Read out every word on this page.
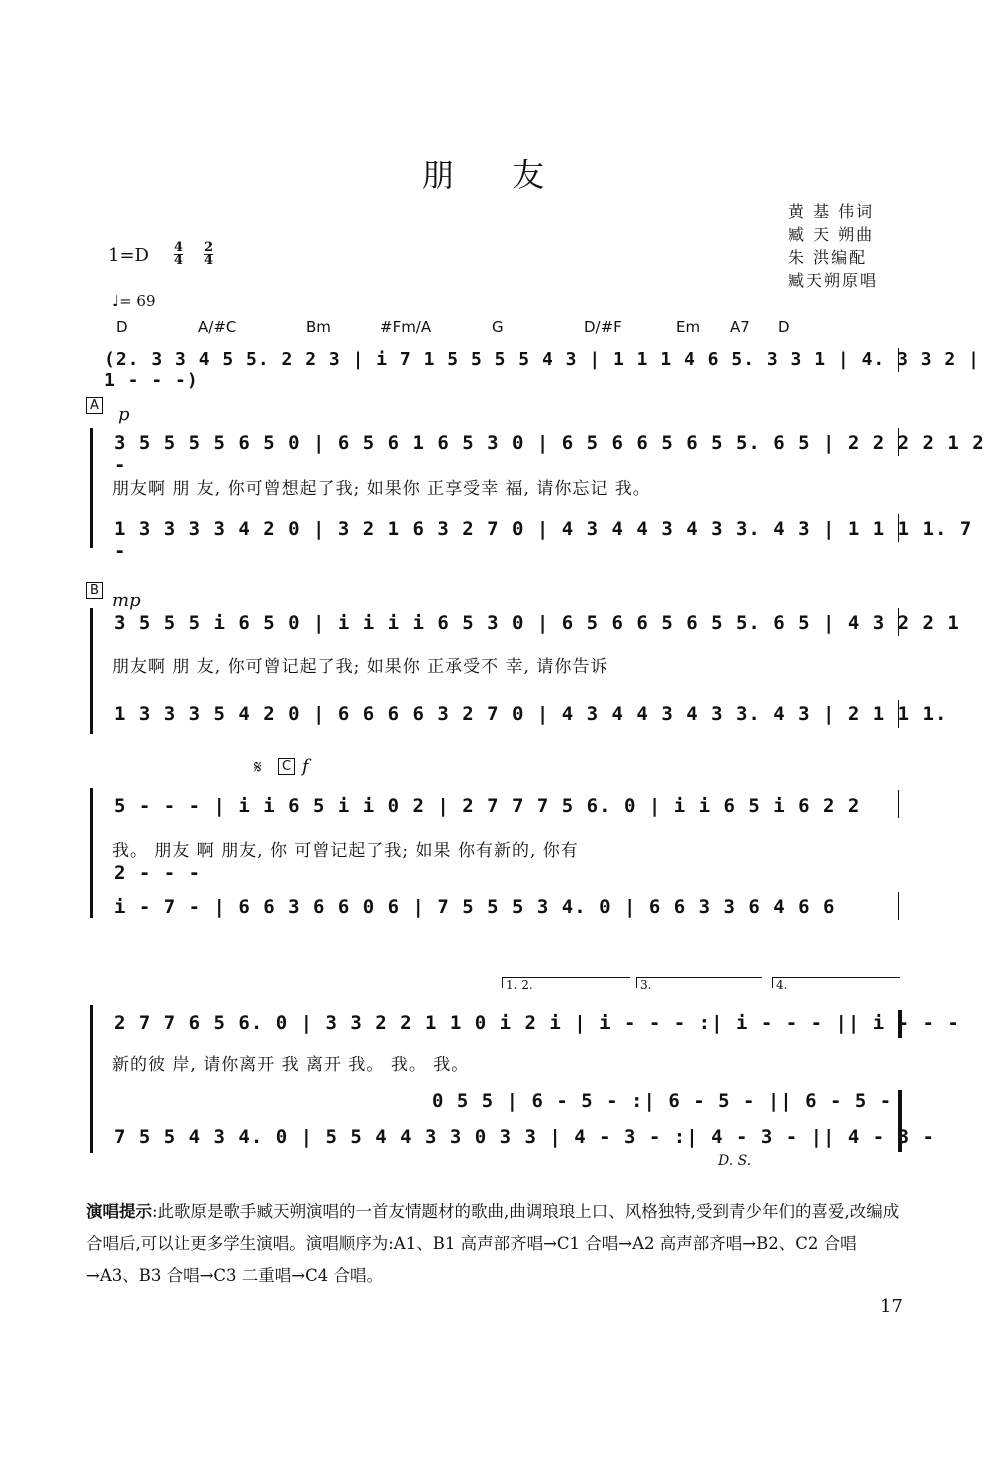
朋 友
黄 基 伟词
臧 天 朔曲
朱 洪编配
臧天朔原唱
1=D 4
4
2
4
♩= 69
D	A/#C	Bm	#Fm/A	G	D/#F	Em A7 D
(2. 3 3 4 5 5. 2 2 3 | i 7 1 5 5 5 5 4 3 | 1 1 1 4 6 5. 3 3 1 | 4. 3 3 2 | 1 - - -)
A p
3 5 5 5 5 6 5 0 | 6 5 6 1 6 5 3 0 | 6 5 6 6 5 6 5 5. 6 5 | 2 2 2 2 1 2 -
朋友啊 朋 友, 你可曾想起了我; 如果你 正享受幸 福, 请你忘记 我。
1 3 3 3 3 4 2 0 | 3 2 1 6 3 2 7 0 | 4 3 4 4 3 4 3 3. 4 3 | 1 1 1 1. 7 -
B mp
3 5 5 5 i 6 5 0 | i i i i 6 5 3 0 | 6 5 6 6 5 6 5 5. 6 5 | 4 3 2 2 1
朋友啊 朋 友, 你可曾记起了我; 如果你 正承受不 幸, 请你告诉
1 3 3 3 5 4 2 0 | 6 6 6 6 3 2 7 0 | 4 3 4 4 3 4 3 3. 4 3 | 2 1 1 1.
𝄋	C f
5 - - - | i i 6 5 i i 0 2 | 2 7 7 7 5 6. 0 | i i 6 5 i 6 2 2
我。 朋友 啊 朋友, 你 可曾记起了我; 如果 你有新的, 你有
2 - - -
i - 7 - | 6 6 3 6 6 0 6 | 7 5 5 5 3 4. 0 | 6 6 3 3 6 4 6 6
1. 2.	3.	4.
2 7 7 6 5 6. 0 | 3 3 2 2 1 1 0 i 2 i | i - - - :| i - - - || i - - -
新的彼 岸, 请你离开 我 离开 我。 我。 我。
0 5 5 | 6 - 5 - :| 6 - 5 - || 6 - 5 -
7 5 5 4 3 4. 0 | 5 5 4 4 3 3 0 3 3 | 4 - 3 - :| 4 - 3 - || 4 - 3 -
D. S.
演唱提示:此歌原是歌手臧天朔演唱的一首友情题材的歌曲,曲调琅琅上口、风格独特,受到青少年们的喜爱,改编成合唱后,可以让更多学生演唱。演唱顺序为:A1、B1 高声部齐唱→C1 合唱→A2 高声部齐唱→B2、C2 合唱→A3、B3 合唱→C3 二重唱→C4 合唱。
17
